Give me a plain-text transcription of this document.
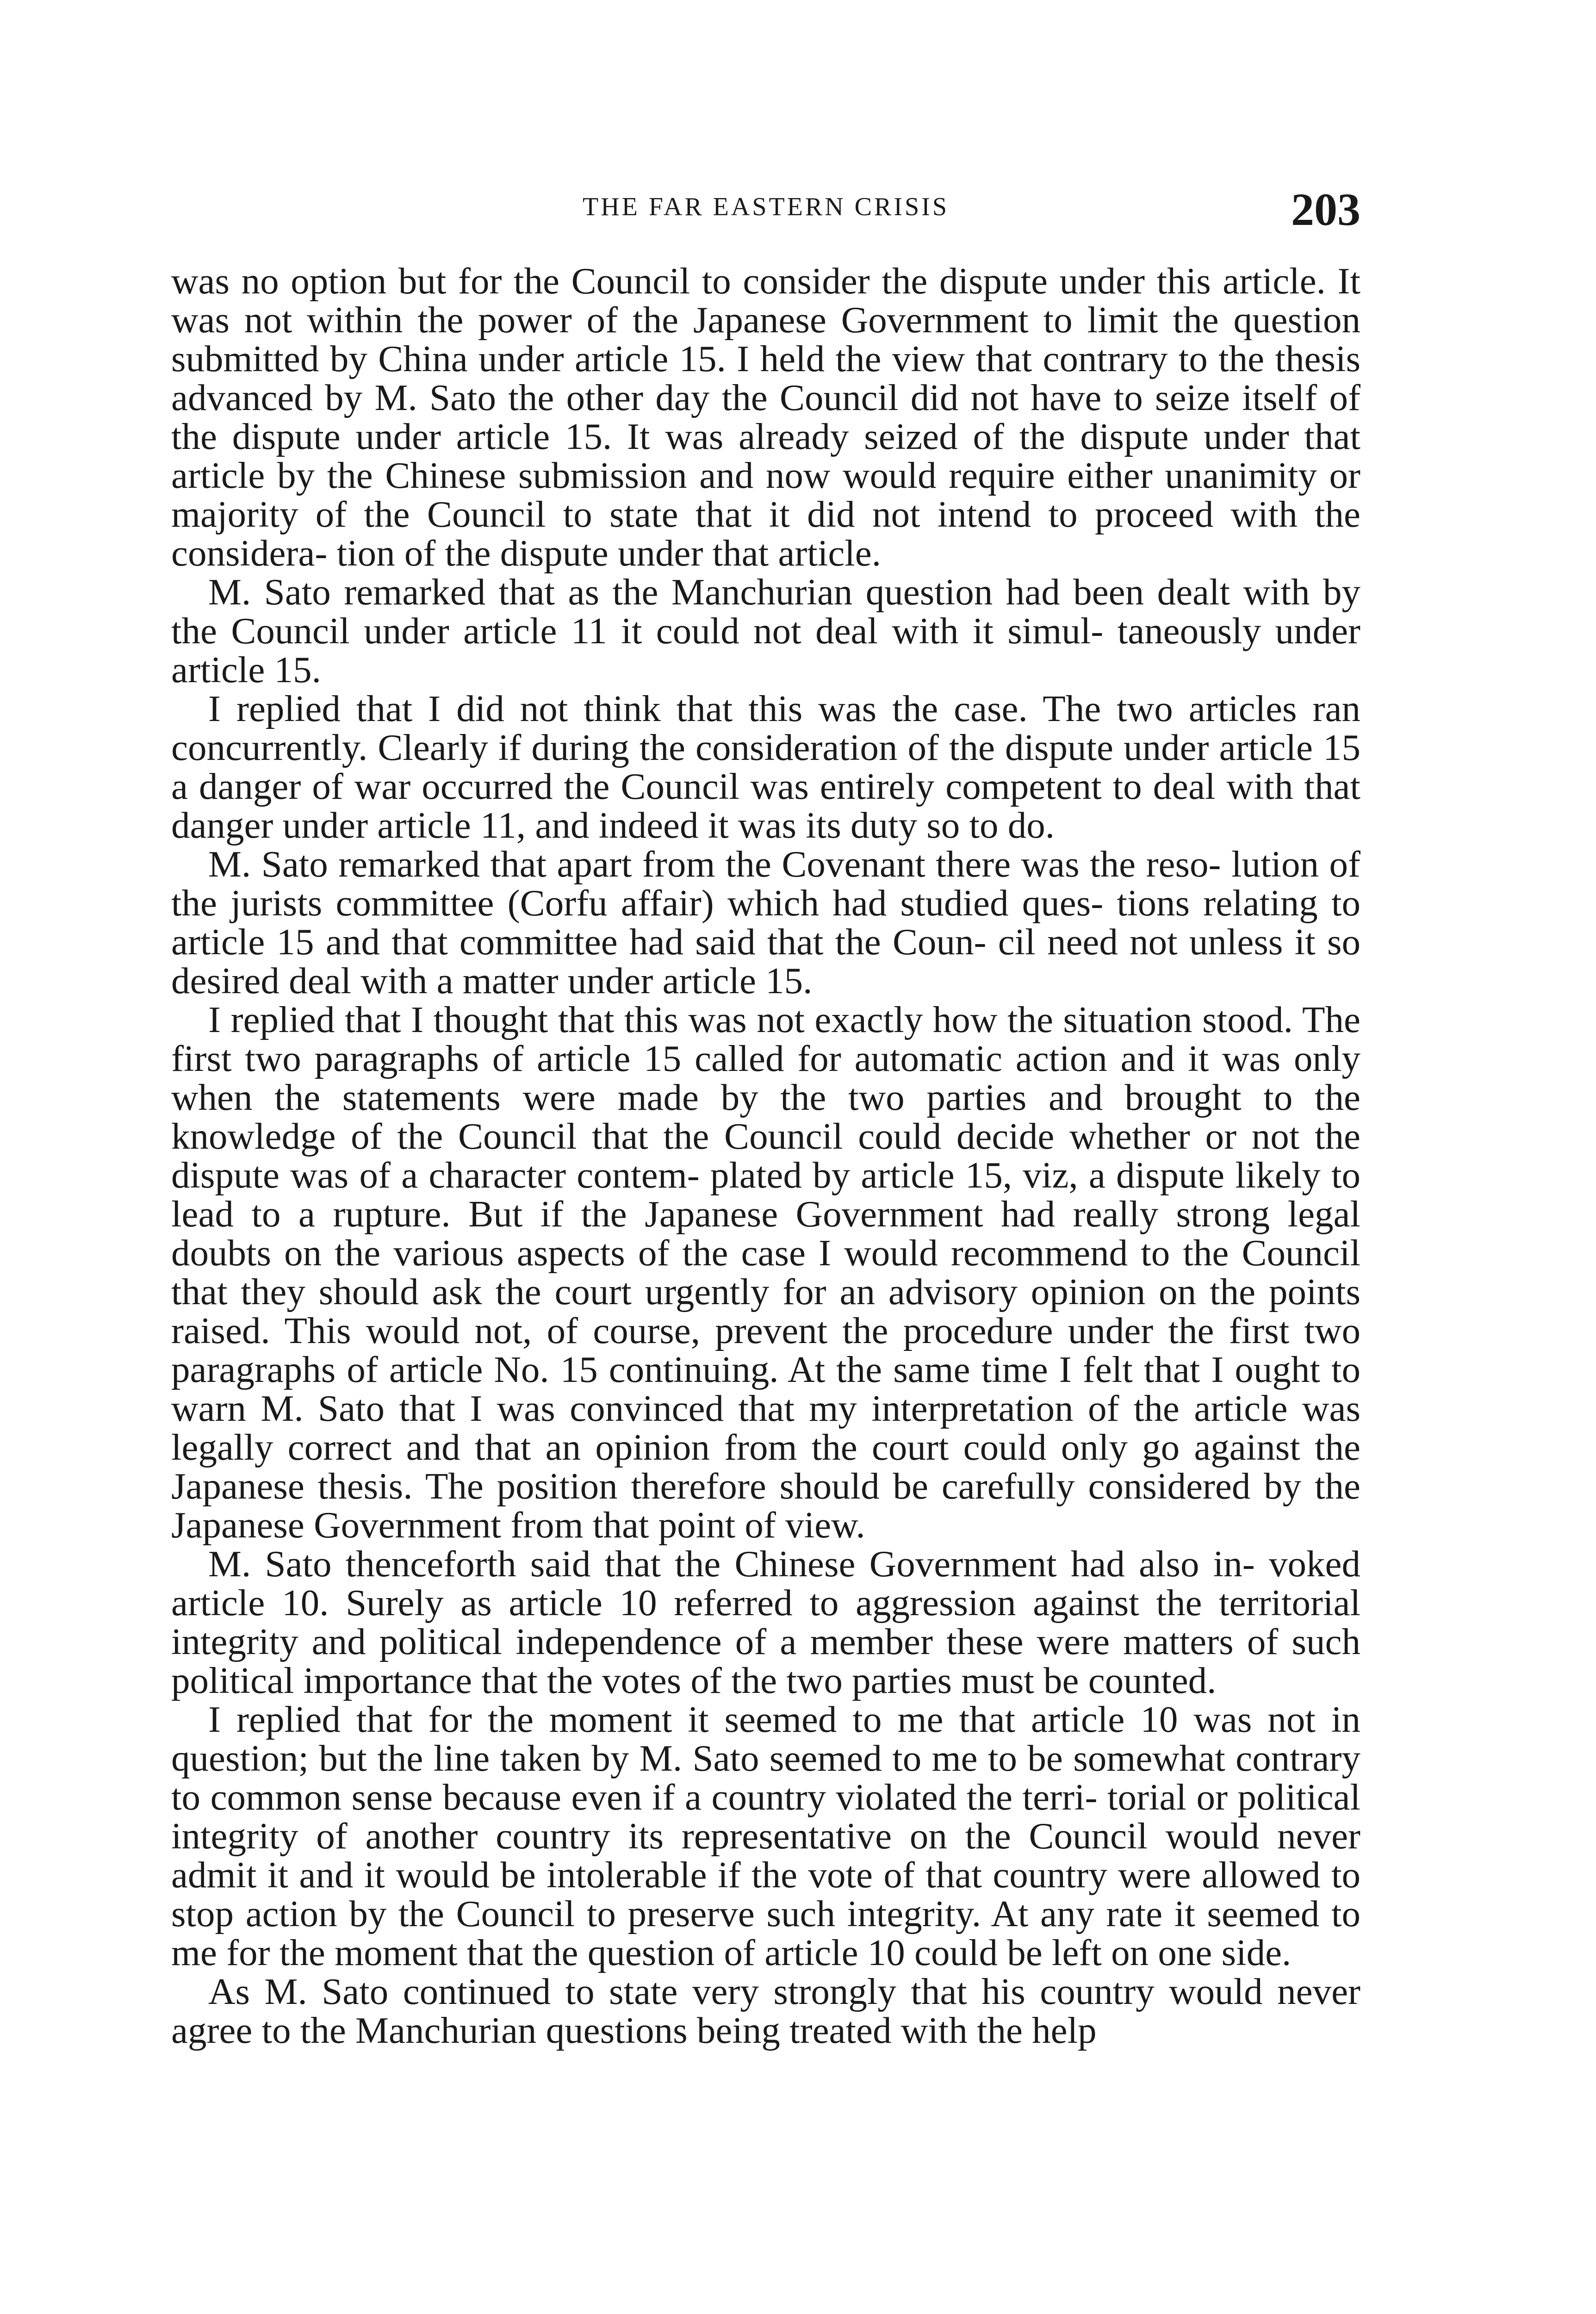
THE FAR EASTERN CRISIS	203

was no option but for the Council to consider the dispute under this article. It was not within the power of the Japanese Government to limit the question submitted by China under article 15. I held the view that contrary to the thesis advanced by M. Sato the other day the Council did not have to seize itself of the dispute under article 15. It was already seized of the dispute under that article by the Chinese submission and now would require either unanimity or majority of the Council to state that it did not intend to proceed with the considera- tion of the dispute under that article.

M. Sato remarked that as the Manchurian question had been dealt with by the Council under article 11 it could not deal with it simul- taneously under article 15.

I replied that I did not think that this was the case. The two articles ran concurrently. Clearly if during the consideration of the dispute under article 15 a danger of war occurred the Council was entirely competent to deal with that danger under article 11, and indeed it was its duty so to do.

M. Sato remarked that apart from the Covenant there was the reso- lution of the jurists committee (Corfu affair) which had studied ques- tions relating to article 15 and that committee had said that the Coun- cil need not unless it so desired deal with a matter under article 15.

I replied that I thought that this was not exactly how the situation stood. The first two paragraphs of article 15 called for automatic action and it was only when the statements were made by the two parties and brought to the knowledge of the Council that the Council could decide whether or not the dispute was of a character contem- plated by article 15, viz, a dispute likely to lead to a rupture. But if the Japanese Government had really strong legal doubts on the various aspects of the case I would recommend to the Council that they should ask the court urgently for an advisory opinion on the points raised. This would not, of course, prevent the procedure under the first two paragraphs of article No. 15 continuing. At the same time I felt that I ought to warn M. Sato that I was convinced that my interpretation of the article was legally correct and that an opinion from the court could only go against the Japanese thesis. The position therefore should be carefully considered by the Japanese Government from that point of view.

M. Sato thenceforth said that the Chinese Government had also in- voked article 10. Surely as article 10 referred to aggression against the territorial integrity and political independence of a member these were matters of such political importance that the votes of the two parties must be counted.

I replied that for the moment it seemed to me that article 10 was not in question; but the line taken by M. Sato seemed to me to be somewhat contrary to common sense because even if a country violated the terri- torial or political integrity of another country its representative on the Council would never admit it and it would be intolerable if the vote of that country were allowed to stop action by the Council to preserve such integrity. At any rate it seemed to me for the moment that the question of article 10 could be left on one side.

As M. Sato continued to state very strongly that his country would never agree to the Manchurian questions being treated with the help
